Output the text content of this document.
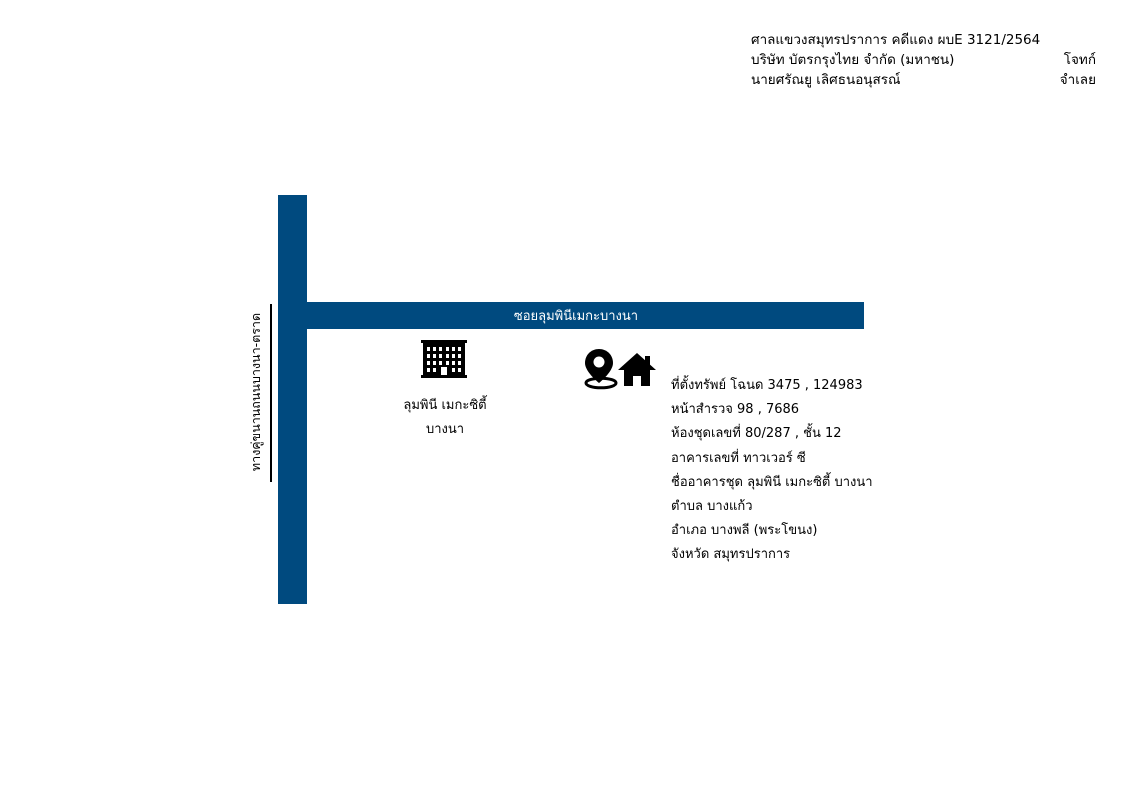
ศาลแขวงสมุทรปราการ คดีแดง ผบE 3121/2564
บริษัท บัตรกรุงไทย จำกัด (มหาชน)	โจทก์
นายศรัณยู เลิศธนอนุสรณ์	จำเลย
ซอยลุมพินีเมกะบางนา
ทางคู่ขนานถนนบางนา-ตราด	ลุมพินี เมกะซิตี้
บางนา
ที่ตั้งทรัพย์ โฉนด 3475 , 124983
หน้าสำรวจ 98 , 7686
ห้องชุดเลขที่ 80/287 , ชั้น 12
อาคารเลขที่ ทาวเวอร์ ซี
ชื่ออาคารชุด ลุมพินี เมกะซิตี้ บางนา
ตำบล บางแก้ว
อำเภอ บางพลี (พระโขนง)
จังหวัด สมุทรปราการ
